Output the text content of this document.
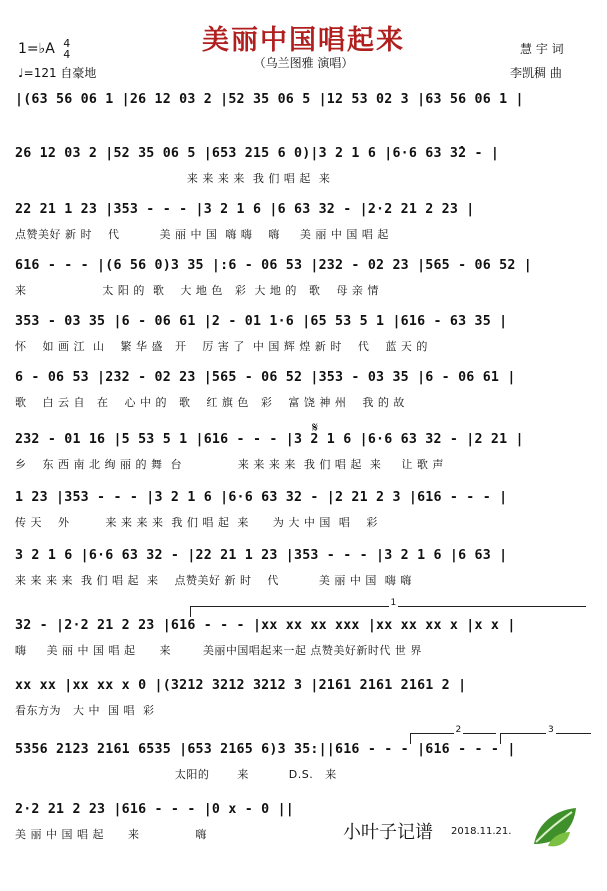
美丽中国唱起来
（乌兰图雅 演唱）
1=♭A 4
4
♩=121 自豪地
慧 宇 词
李凯稠 曲
|(63 56 06 1 |26 12 03 2 |52 35 06 5 |12 53 02 3 |63 56 06 1 |
26 12 03 2 |52 35 06 5 |653 215 6 0)|3 2 1 6 |6·6 63 3̂2 - |
来 来 来 来  我 们 唱 起  来
22 21 1 23 |353 - - - |3 2 1 6 |6 63 32 - |2·2 21 2 23 |
点赞美好 新 时    代          美 丽 中 国  嗨 嗨    嗨     美 丽 中 国 唱 起
616 - - - |(6 56 0)3 35 |:6 - 06 53 |232 - 02 23 |565 - 06 52 |
来                   太 阳 的  歌    大 地 色   彩  大 地 的   歌    母 亲 情
353 - 03 35 |6 - 06 61 |2 - 01 1·6 |65 53 5 1 |616 - 63 35 |
怀    如 画 江  山    繁 华 盛   开    厉 害 了  中 国 辉 煌 新 时    代    蓝 天 的
6 - 06 53 |232 - 02 23 |565 - 06 52 |353 - 03 35 |6 - 06 61 |
歌    白 云 自   在    心 中 的   歌    红 旗 色   彩    富 饶 神 州    我 的 故
232 - 01 16 |5 53 5 1 |616 - - - |3 2 1 6 |6·6 63 32 - |2 21 |
乡    东 西 南 北 绚 丽 的 舞  台              来 来 来 来  我 们 唱 起  来     让 歌 声
1 23 |353 - - - |3 2 1 6 |6·6 63 32 - |2 21 2 3 |616 - - - |
传 天    外         来 来 来 来  我 们 唱 起  来      为 大 中 国  唱    彩
3 2 1 6 |6·6 63 32 - |22 21 1 23 |353 - - - |3 2 1 6 |6 63 |
来 来 来 来  我 们 唱 起  来    点赞美好 新 时    代          美 丽 中 国  嗨 嗨
32 - |2·2 21 2 23 |616 - - - |xx xx xx xxx |xx xx xx x |x x |
嗨     美 丽 中 国 唱 起      来        美丽中国唱起来一起 点赞美好新时代 世 界
xx xx |xx xx x 0 |(3212 3212 3212 3 |2161 2161 2161 2 |
看东方为   大 中  国 唱  彩
5356 2123 2161 6535 |653 2165 6)3 35:||616 - - - |616 - - - |
太阳的       来          D.S.   来
2·2 21 2 23 |616 - - - |0 x - 0 ||
美 丽 中 国 唱 起      来              嗨
𝄋
1
2	3
小叶子记谱 2018.11.21.
